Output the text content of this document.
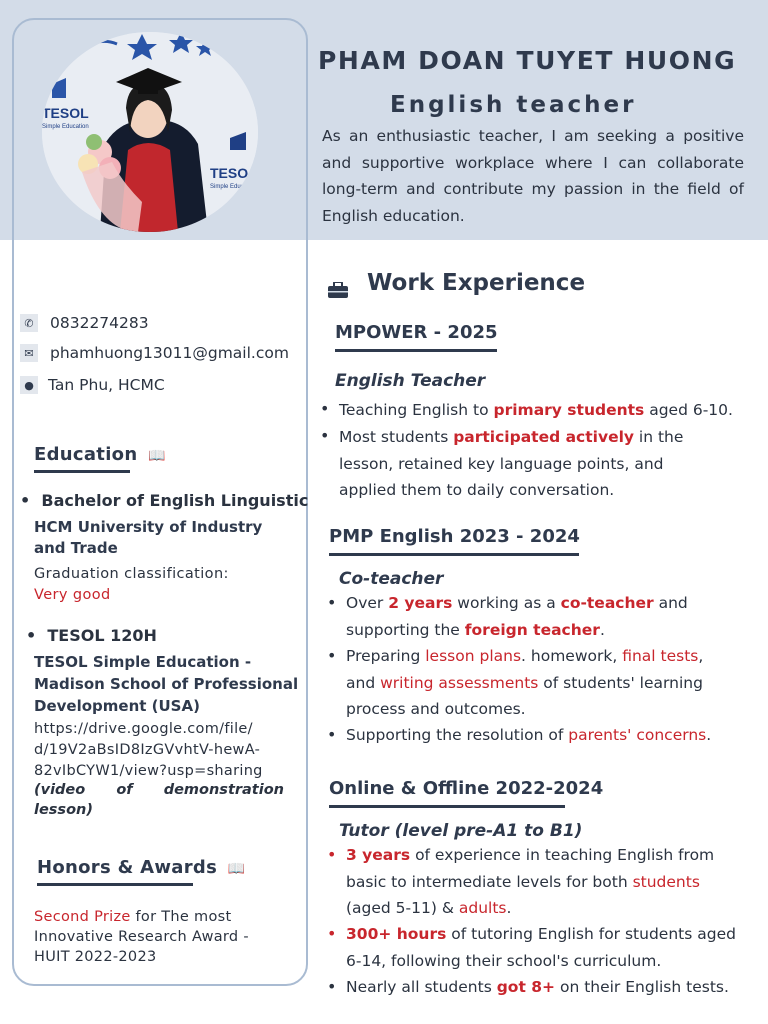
TESOL
Simple Education
TESO
Simple Educ
PHAM DOAN TUYET HUONG
English teacher
As an enthusiastic teacher, I am seeking a positive and supportive workplace where I can collaborate long-term and contribute my passion in the field of English education.
✆ 0832274283
✉ phamhuong13011@gmail.com
● Tan Phu, HCMC
Education 📖
•  Bachelor of English Linguistic
HCM University of Industry
and Trade
Graduation classification:
Very good
•  TESOL 120H
TESOL Simple Education -
Madison School of Professional
Development (USA)
https://drive.google.com/file/
d/19V2aBsID8IzGVvhtV-hewA-
82vIbCYW1/view?usp=sharing
(video of demonstration
lesson)
Honors & Awards 📖
Second Prize for The most
Innovative Research Award -
HUIT 2022-2023
Work Experience
MPOWER - 2025
English Teacher
• Teaching English to primary students aged 6-10.
• Most students participated actively in the
lesson, retained key language points, and
applied them to daily conversation.
PMP English 2023 - 2024
Co-teacher
• Over 2 years working as a co-teacher and
supporting the foreign teacher.
• Preparing lesson plans. homework, final tests,
and writing assessments of students' learning
process and outcomes.
• Supporting the resolution of parents' concerns.
Online & Offline 2022-2024
Tutor (level pre-A1 to B1)
• 3 years of experience in teaching English from
basic to intermediate levels for both students
(aged 5-11) & adults.
• 300+ hours of tutoring English for students aged
6-14, following their school's curriculum.
• Nearly all students got 8+ on their English tests.
